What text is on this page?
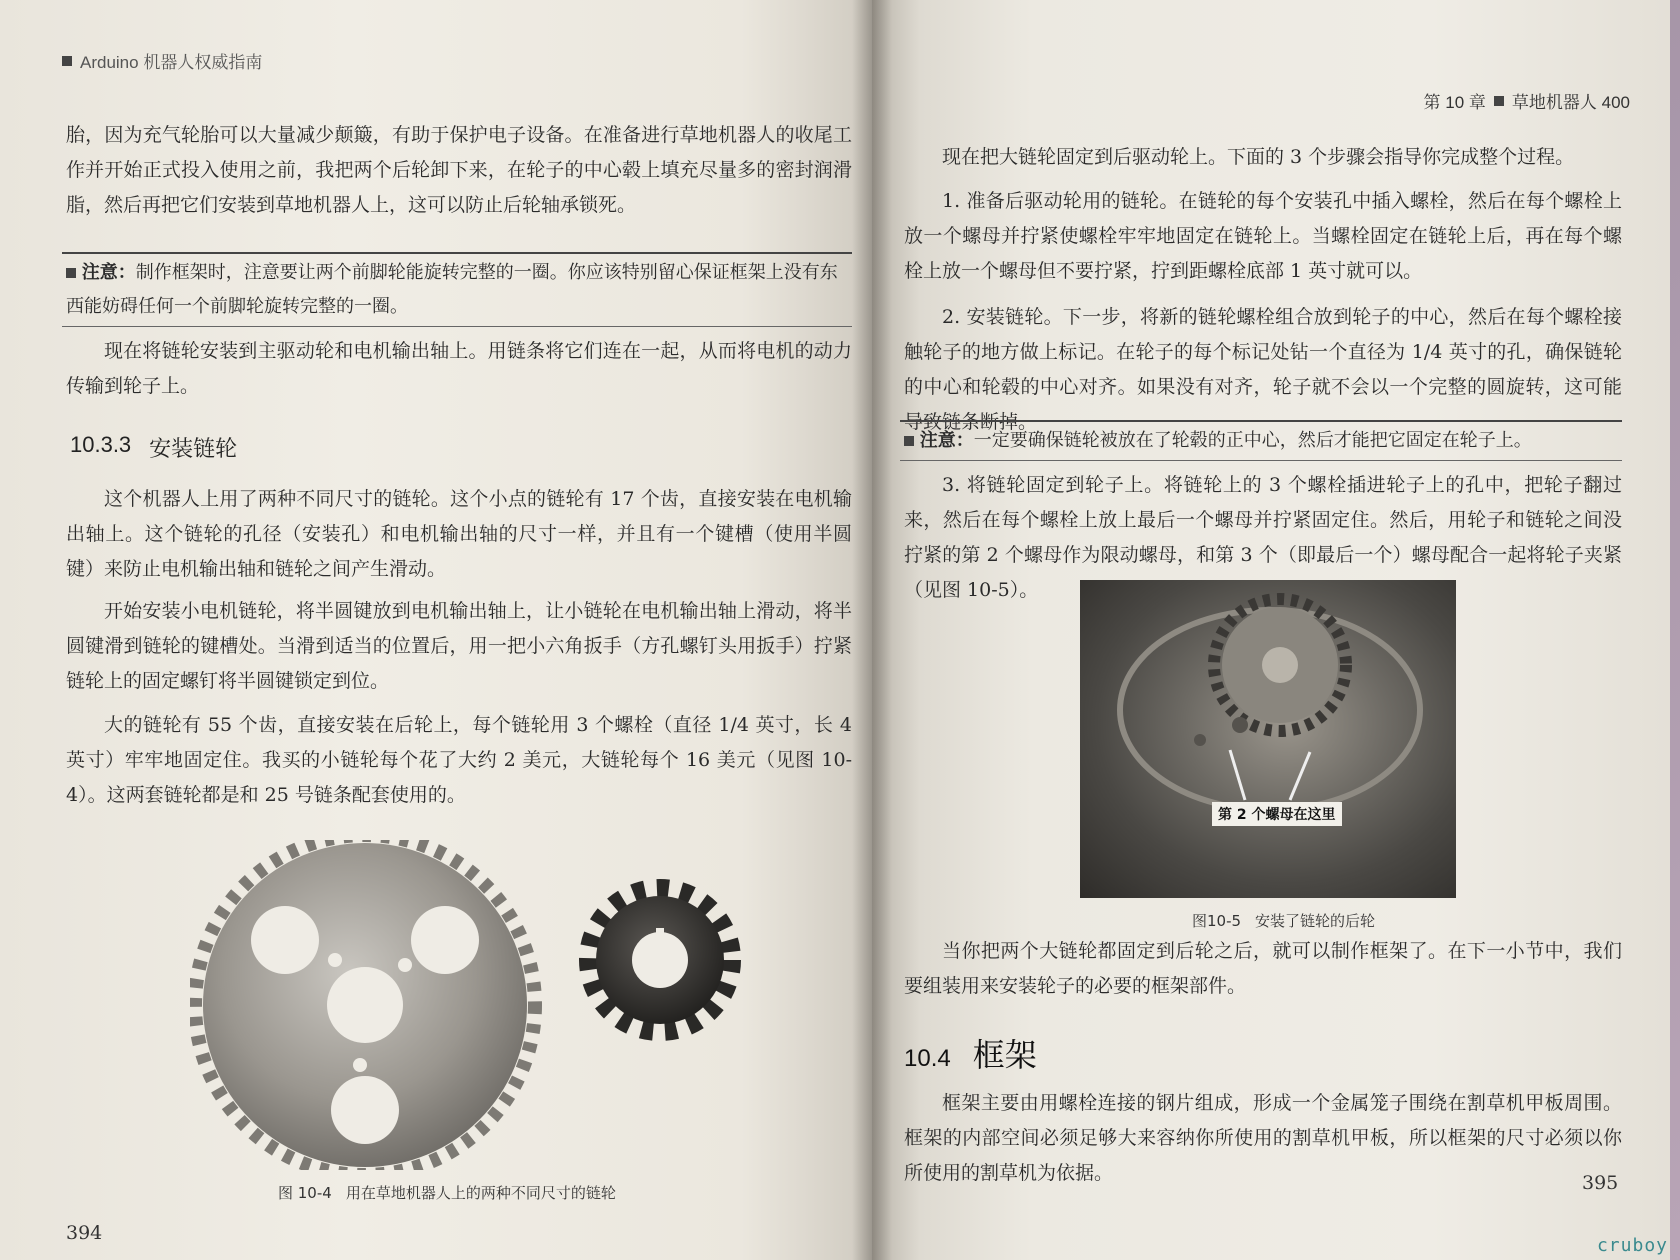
Arduino 机器人权威指南

胎，因为充气轮胎可以大量减少颠簸，有助于保护电子设备。在准备进行草地机器人的收尾工作并开始正式投入使用之前，我把两个后轮卸下来，在轮子的中心毂上填充尽量多的密封润滑脂，然后再把它们安装到草地机器人上，这可以防止后轮轴承锁死。

注意：制作框架时，注意要让两个前脚轮能旋转完整的一圈。你应该特别留心保证框架上没有东西能妨碍任何一个前脚轮旋转完整的一圈。

现在将链轮安装到主驱动轮和电机输出轴上。用链条将它们连在一起，从而将电机的动力传输到轮子上。

10.3.3 安装链轮

这个机器人上用了两种不同尺寸的链轮。这个小点的链轮有 17 个齿，直接安装在电机输出轴上。这个链轮的孔径（安装孔）和电机输出轴的尺寸一样，并且有一个键槽（使用半圆键）来防止电机输出轴和链轮之间产生滑动。

开始安装小电机链轮，将半圆键放到电机输出轴上，让小链轮在电机输出轴上滑动，将半圆键滑到链轮的键槽处。当滑到适当的位置后，用一把小六角扳手（方孔螺钉头用扳手）拧紧链轮上的固定螺钉将半圆键锁定到位。

大的链轮有 55 个齿，直接安装在后轮上，每个链轮用 3 个螺栓（直径 1/4 英寸，长 4 英寸）牢牢地固定住。我买的小链轮每个花了大约 2 美元，大链轮每个 16 美元（见图 10-4）。这两套链轮都是和 25 号链条配套使用的。

图 10-4 用在草地机器人上的两种不同尺寸的链轮
394
第 10 章 草地机器人 400

现在把大链轮固定到后驱动轮上。下面的 3 个步骤会指导你完成整个过程。

1. 准备后驱动轮用的链轮。在链轮的每个安装孔中插入螺栓，然后在每个螺栓上放一个螺母并拧紧使螺栓牢牢地固定在链轮上。当螺栓固定在链轮上后，再在每个螺栓上放一个螺母但不要拧紧，拧到距螺栓底部 1 英寸就可以。

2. 安装链轮。下一步，将新的链轮螺栓组合放到轮子的中心，然后在每个螺栓接触轮子的地方做上标记。在轮子的每个标记处钻一个直径为 1/4 英寸的孔，确保链轮的中心和轮毂的中心对齐。如果没有对齐，轮子就不会以一个完整的圆旋转，这可能导致链条断掉。

注意：一定要确保链轮被放在了轮毂的正中心，然后才能把它固定在轮子上。

3. 将链轮固定到轮子上。将链轮上的 3 个螺栓插进轮子上的孔中，把轮子翻过来，然后在每个螺栓上放上最后一个螺母并拧紧固定住。然后，用轮子和链轮之间没拧紧的第 2 个螺母作为限动螺母，和第 3 个（即最后一个）螺母配合一起将轮子夹紧（见图 10-5）。

第 2 个螺母在这里
图10-5 安装了链轮的后轮

当你把两个大链轮都固定到后轮之后，就可以制作框架了。在下一小节中，我们要组装用来安装轮子的必要的框架部件。

10.4 框架

框架主要由用螺栓连接的钢片组成，形成一个金属笼子围绕在割草机甲板周围。框架的内部空间必须足够大来容纳你所使用的割草机甲板，所以框架的尺寸必须以你所使用的割草机为依据。	395
cruboy
